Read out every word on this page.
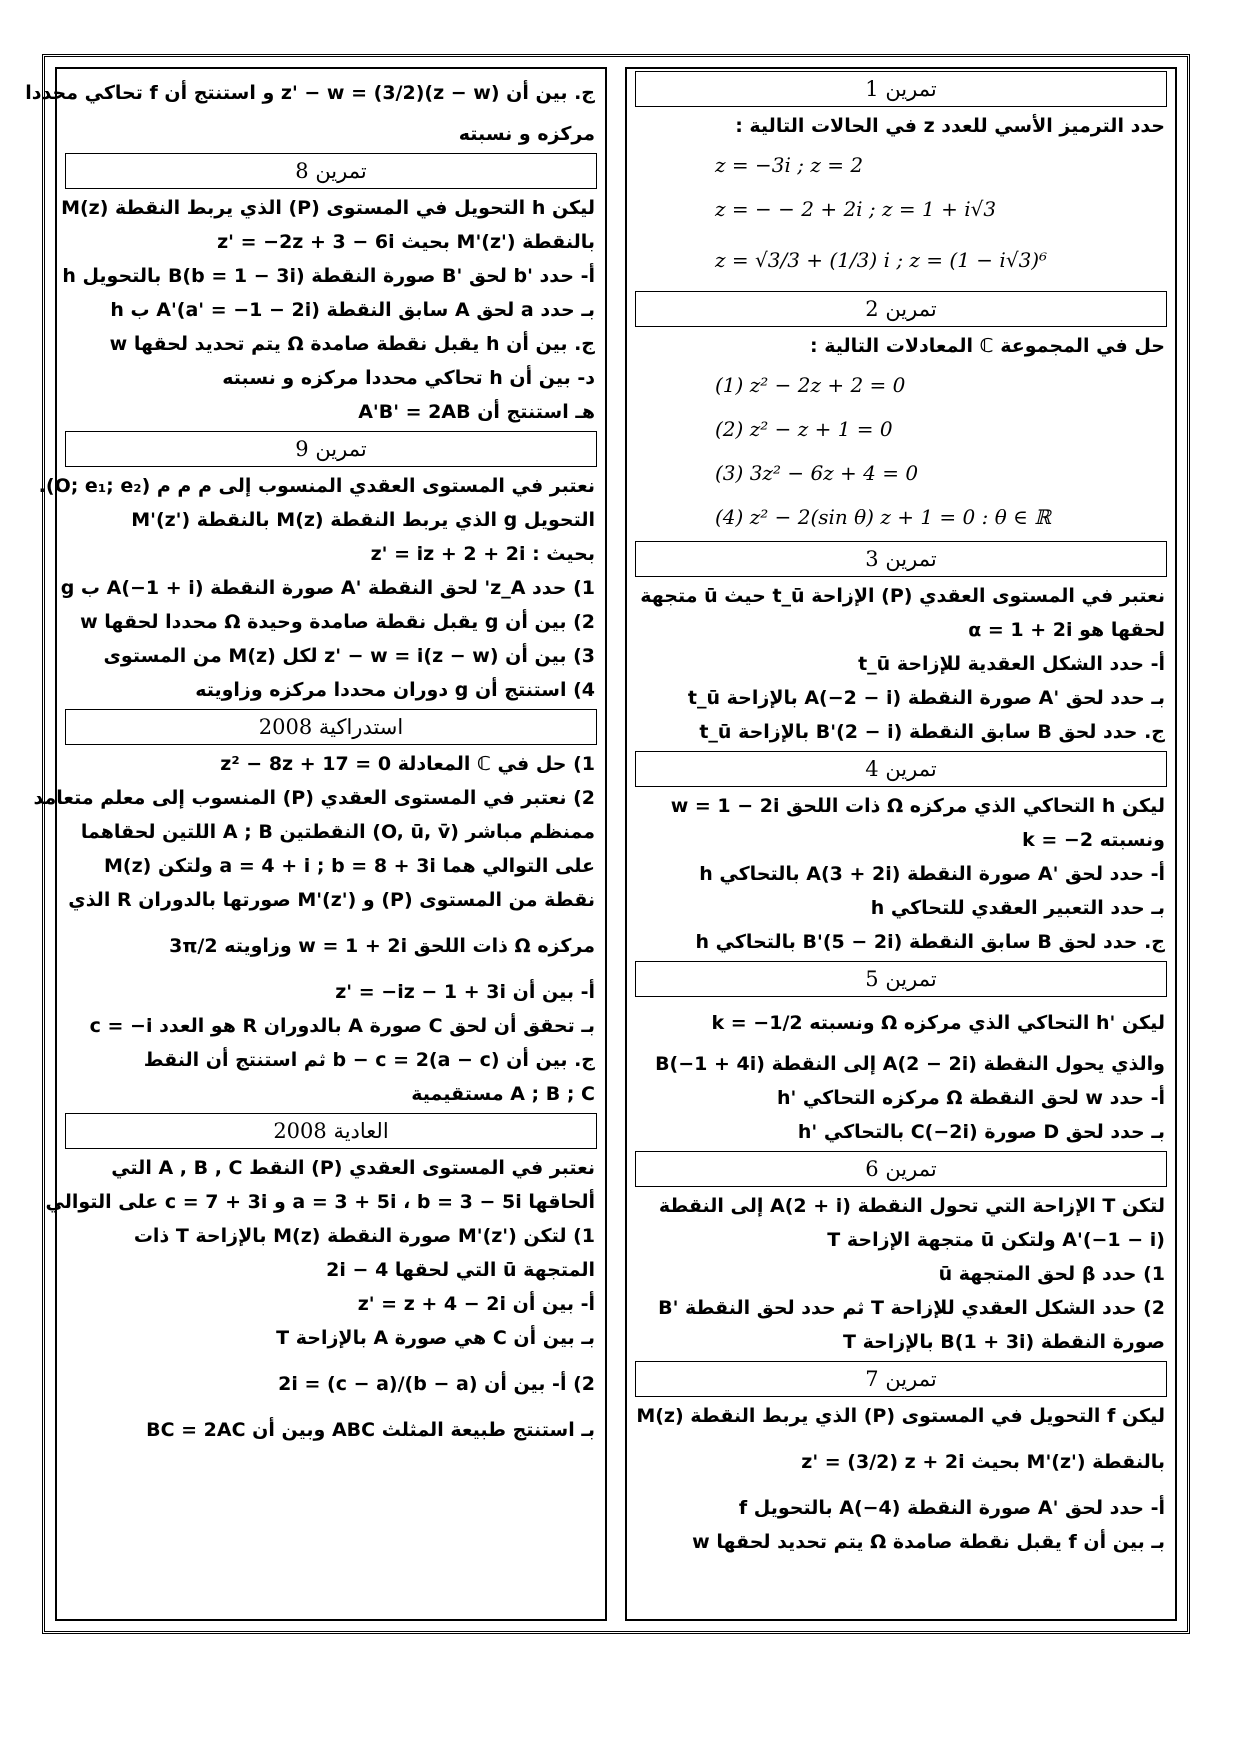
تمرين 1
حدد الترميز الأسي للعدد z في الحالات التالية :
z = −3i ; z = 2
z = − − 2 + 2i ; z = 1 + i√3
z = √3/3 + (1/3) i ; z = (1 − i√3)⁶
تمرين 2
حل في المجموعة ℂ المعادلات التالية :
(1) z² − 2z + 2 = 0
(2) z² − z + 1 = 0
(3) 3z² − 6z + 4 = 0
(4) z² − 2(sin θ) z + 1 = 0 : θ ∈ ℝ
تمرين 3
نعتبر في المستوى العقدي (P) الإزاحة t_ū حيث ū متجهة
لحقها هو α = 1 + 2i
أ- حدد الشكل العقدية للإزاحة t_ū
بـ حدد لحق 'A صورة النقطة A(−2 − i) بالإزاحة t_ū
ج. حدد لحق B سابق النقطة B'(2 − i) بالإزاحة t_ū
تمرين 4
ليكن h التحاكي الذي مركزه Ω ذات اللحق w = 1 − 2i
ونسبته k = −2
أ- حدد لحق 'A صورة النقطة A(3 + 2i) بالتحاكي h
بـ حدد التعبير العقدي للتحاكي h
ج. حدد لحق B سابق النقطة B'(5 − 2i) بالتحاكي h
تمرين 5
ليكن 'h التحاكي الذي مركزه Ω ونسبته k = −1/2
والذي يحول النقطة A(2 − 2i) إلى النقطة B(−1 + 4i)
أ- حدد w لحق النقطة Ω مركزه التحاكي 'h
بـ حدد لحق D صورة C(−2i) بالتحاكي 'h
تمرين 6
لتكن T الإزاحة التي تحول النقطة A(2 + i) إلى النقطة
A'(−1 − i) ولتكن ū متجهة الإزاحة T
1) حدد β لحق المتجهة ū
2) حدد الشكل العقدي للإزاحة T ثم حدد لحق النقطة 'B
صورة النقطة B(1 + 3i) بالإزاحة T
تمرين 7
ليكن f التحويل في المستوى (P) الذي يربط النقطة M(z)
بالنقطة M'(z') بحيث z' = (3/2) z + 2i
أ- حدد لحق 'A صورة النقطة A(−4) بالتحويل f
بـ بين أن f يقبل نقطة صامدة Ω يتم تحديد لحقها w
ج. بين أن z' − w = (3/2)(z − w) و استنتج أن f تحاكي محددا
مركزه و نسبته
تمرين 8
ليكن h التحويل في المستوى (P) الذي يربط النقطة M(z)
بالنقطة M'(z') بحيث z' = −2z + 3 − 6i
أ- حدد 'b لحق 'B صورة النقطة B(b = 1 − 3i) بالتحويل h
بـ حدد a لحق A سابق النقطة A'(a' = −1 − 2i) ب h
ج. بين أن h يقبل نقطة صامدة Ω يتم تحديد لحقها w
د- بين أن h تحاكي محددا مركزه و نسبته
هـ استنتج أن A'B' = 2AB
تمرين 9
نعتبر في المستوى العقدي المنسوب إلى م م م (O; e₁; e₂).
التحويل g الذي يربط النقطة M(z) بالنقطة M'(z')
بحيث : z' = iz + 2 + 2i
1) حدد z_A' لحق النقطة 'A صورة النقطة A(−1 + i) ب g
2) بين أن g يقبل نقطة صامدة وحيدة Ω محددا لحقها w
3) بين أن z' − w = i(z − w) لكل M(z) من المستوى
4) استنتج أن g دوران محددا مركزه وزاويته
استدراكية 2008
1) حل في ℂ المعادلة z² − 8z + 17 = 0
2) نعتبر في المستوى العقدي (P) المنسوب إلى معلم متعامد
ممنظم مباشر (O, ū, v̄) النقطتين A ; B اللتين لحقاهما
على التوالي هما a = 4 + i ; b = 8 + 3i ولتكن M(z)
نقطة من المستوى (P) و M'(z') صورتها بالدوران R الذي
مركزه Ω ذات اللحق w = 1 + 2i وزاويته 3π/2
أ- بين أن z' = −iz − 1 + 3i
بـ تحقق أن لحق C صورة A بالدوران R هو العدد c = −i
ج. بين أن b − c = 2(a − c) ثم استنتج أن النقط
A ; B ; C مستقيمية
العادية 2008
نعتبر في المستوى العقدي (P) النقط A , B , C التي
ألحاقها a = 3 + 5i ، b = 3 − 5i و c = 7 + 3i على التوالي
1) لتكن M'(z') صورة النقطة M(z) بالإزاحة T ذات
المتجهة ū التي لحقها 4 − 2i
أ- بين أن z' = z + 4 − 2i
بـ بين أن C هي صورة A بالإزاحة T
2) أ- بين أن (b − a)/(c − a) = 2i
بـ استنتج طبيعة المثلث ABC وبين أن BC = 2AC
